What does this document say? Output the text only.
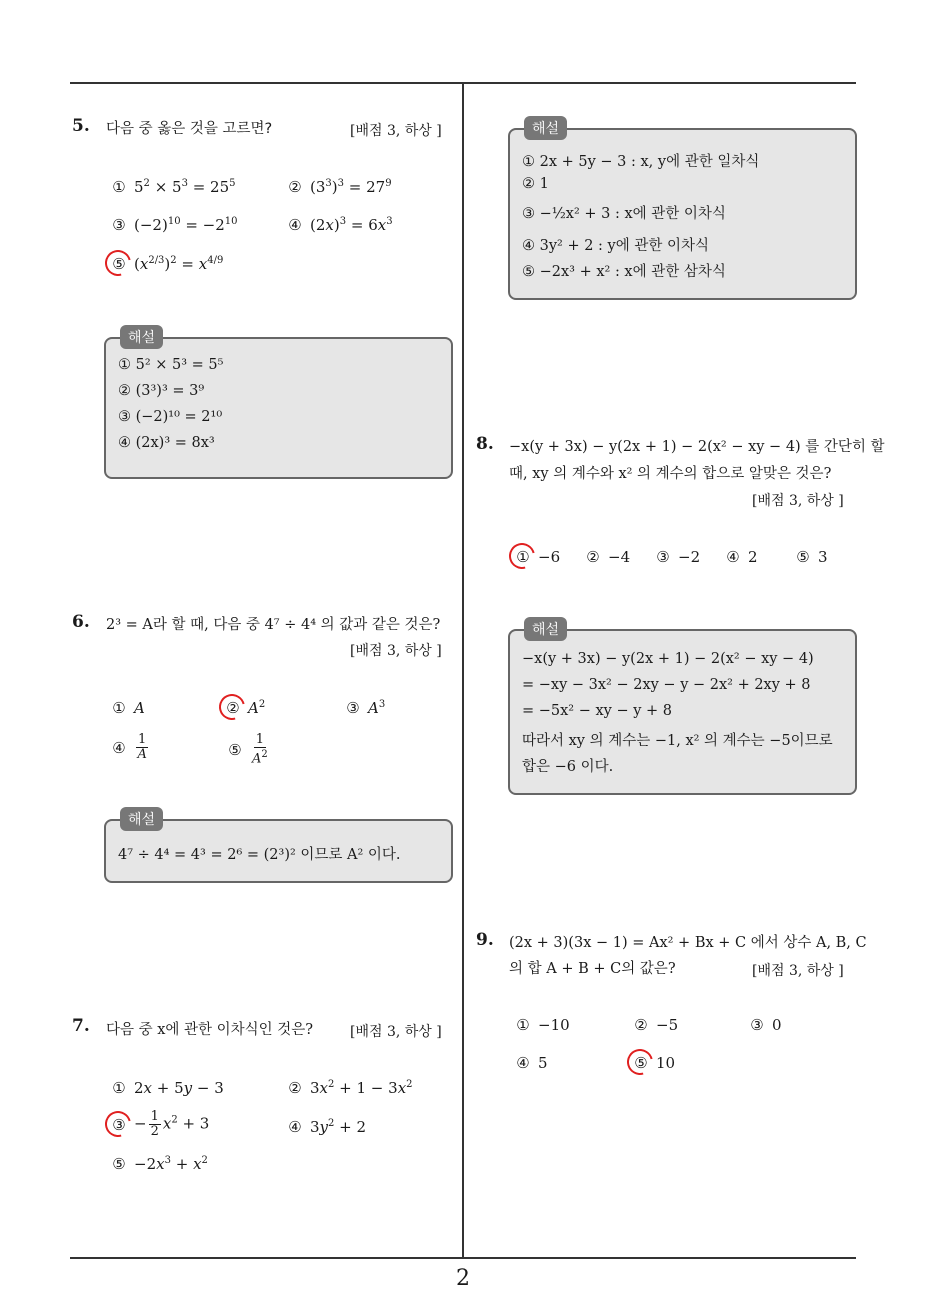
2
5. 다음 중 옳은 것을 고르면?	[배점 3, 하상 ]
① $5^2 \times 5^3 = 25^5$	② $(3^3)^3 = 27^9$
③ $(-2)^{10} = -2^{10}$	④ $(2x)^3 = 6x^3$
⑤ $(x^{2/3})^2 = x^{4/9}$
해설
① 5² × 5³ = 5⁵
② (3³)³ = 3⁹
③ (−2)¹⁰ = 2¹⁰
④ (2x)³ = 8x³
6. 2³ = A라 할 때, 다음 중 4⁷ ÷ 4⁴ 의 값과 같은 것은?
[배점 3, 하상 ]
① A	② $A^2$	③ $A^3$
④ $\frac{1}{A}$	⑤ $\frac{1}{A^2}$
해설
4⁷ ÷ 4⁴ = 4³ = 2⁶ = (2³)² 이므로 A² 이다.
7. 다음 중 x에 관한 이차식인 것은?	[배점 3, 하상 ]
① 2x + 5y − 3	② $3x^2 + 1 - 3x^2$
③ − $\frac{1}{2} x^2 + 3$	④ $3y^2 + 2$
⑤ $-2x^3 + x^2$
해설
① 2x + 5y − 3 : x, y에 관한 일차식
② 1
③ −½x² + 3 : x에 관한 이차식
④ 3y² + 2 : y에 관한 이차식
⑤ −2x³ + x² : x에 관한 삼차식
8. −x(y + 3x) − y(2x + 1) − 2(x² − xy − 4) 를 간단히 할
때, xy 의 계수와 x² 의 계수의 합으로 알맞은 것은?
[배점 3, 하상 ]
① −6 ② −4 ③ −2 ④ 2	⑤ 3
해설
−x(y + 3x) − y(2x + 1) − 2(x² − xy − 4)
= −xy − 3x² − 2xy − y − 2x² + 2xy + 8
= −5x² − xy − y + 8
따라서 xy 의 계수는 −1, x² 의 계수는 −5이므로
합은 −6 이다.
9. (2x + 3)(3x − 1) = Ax² + Bx + C 에서 상수 A, B, C
의 합 A + B + C의 값은?	[배점 3, 하상 ]
① −10	② −5	③ 0
④ 5	⑤ 10
